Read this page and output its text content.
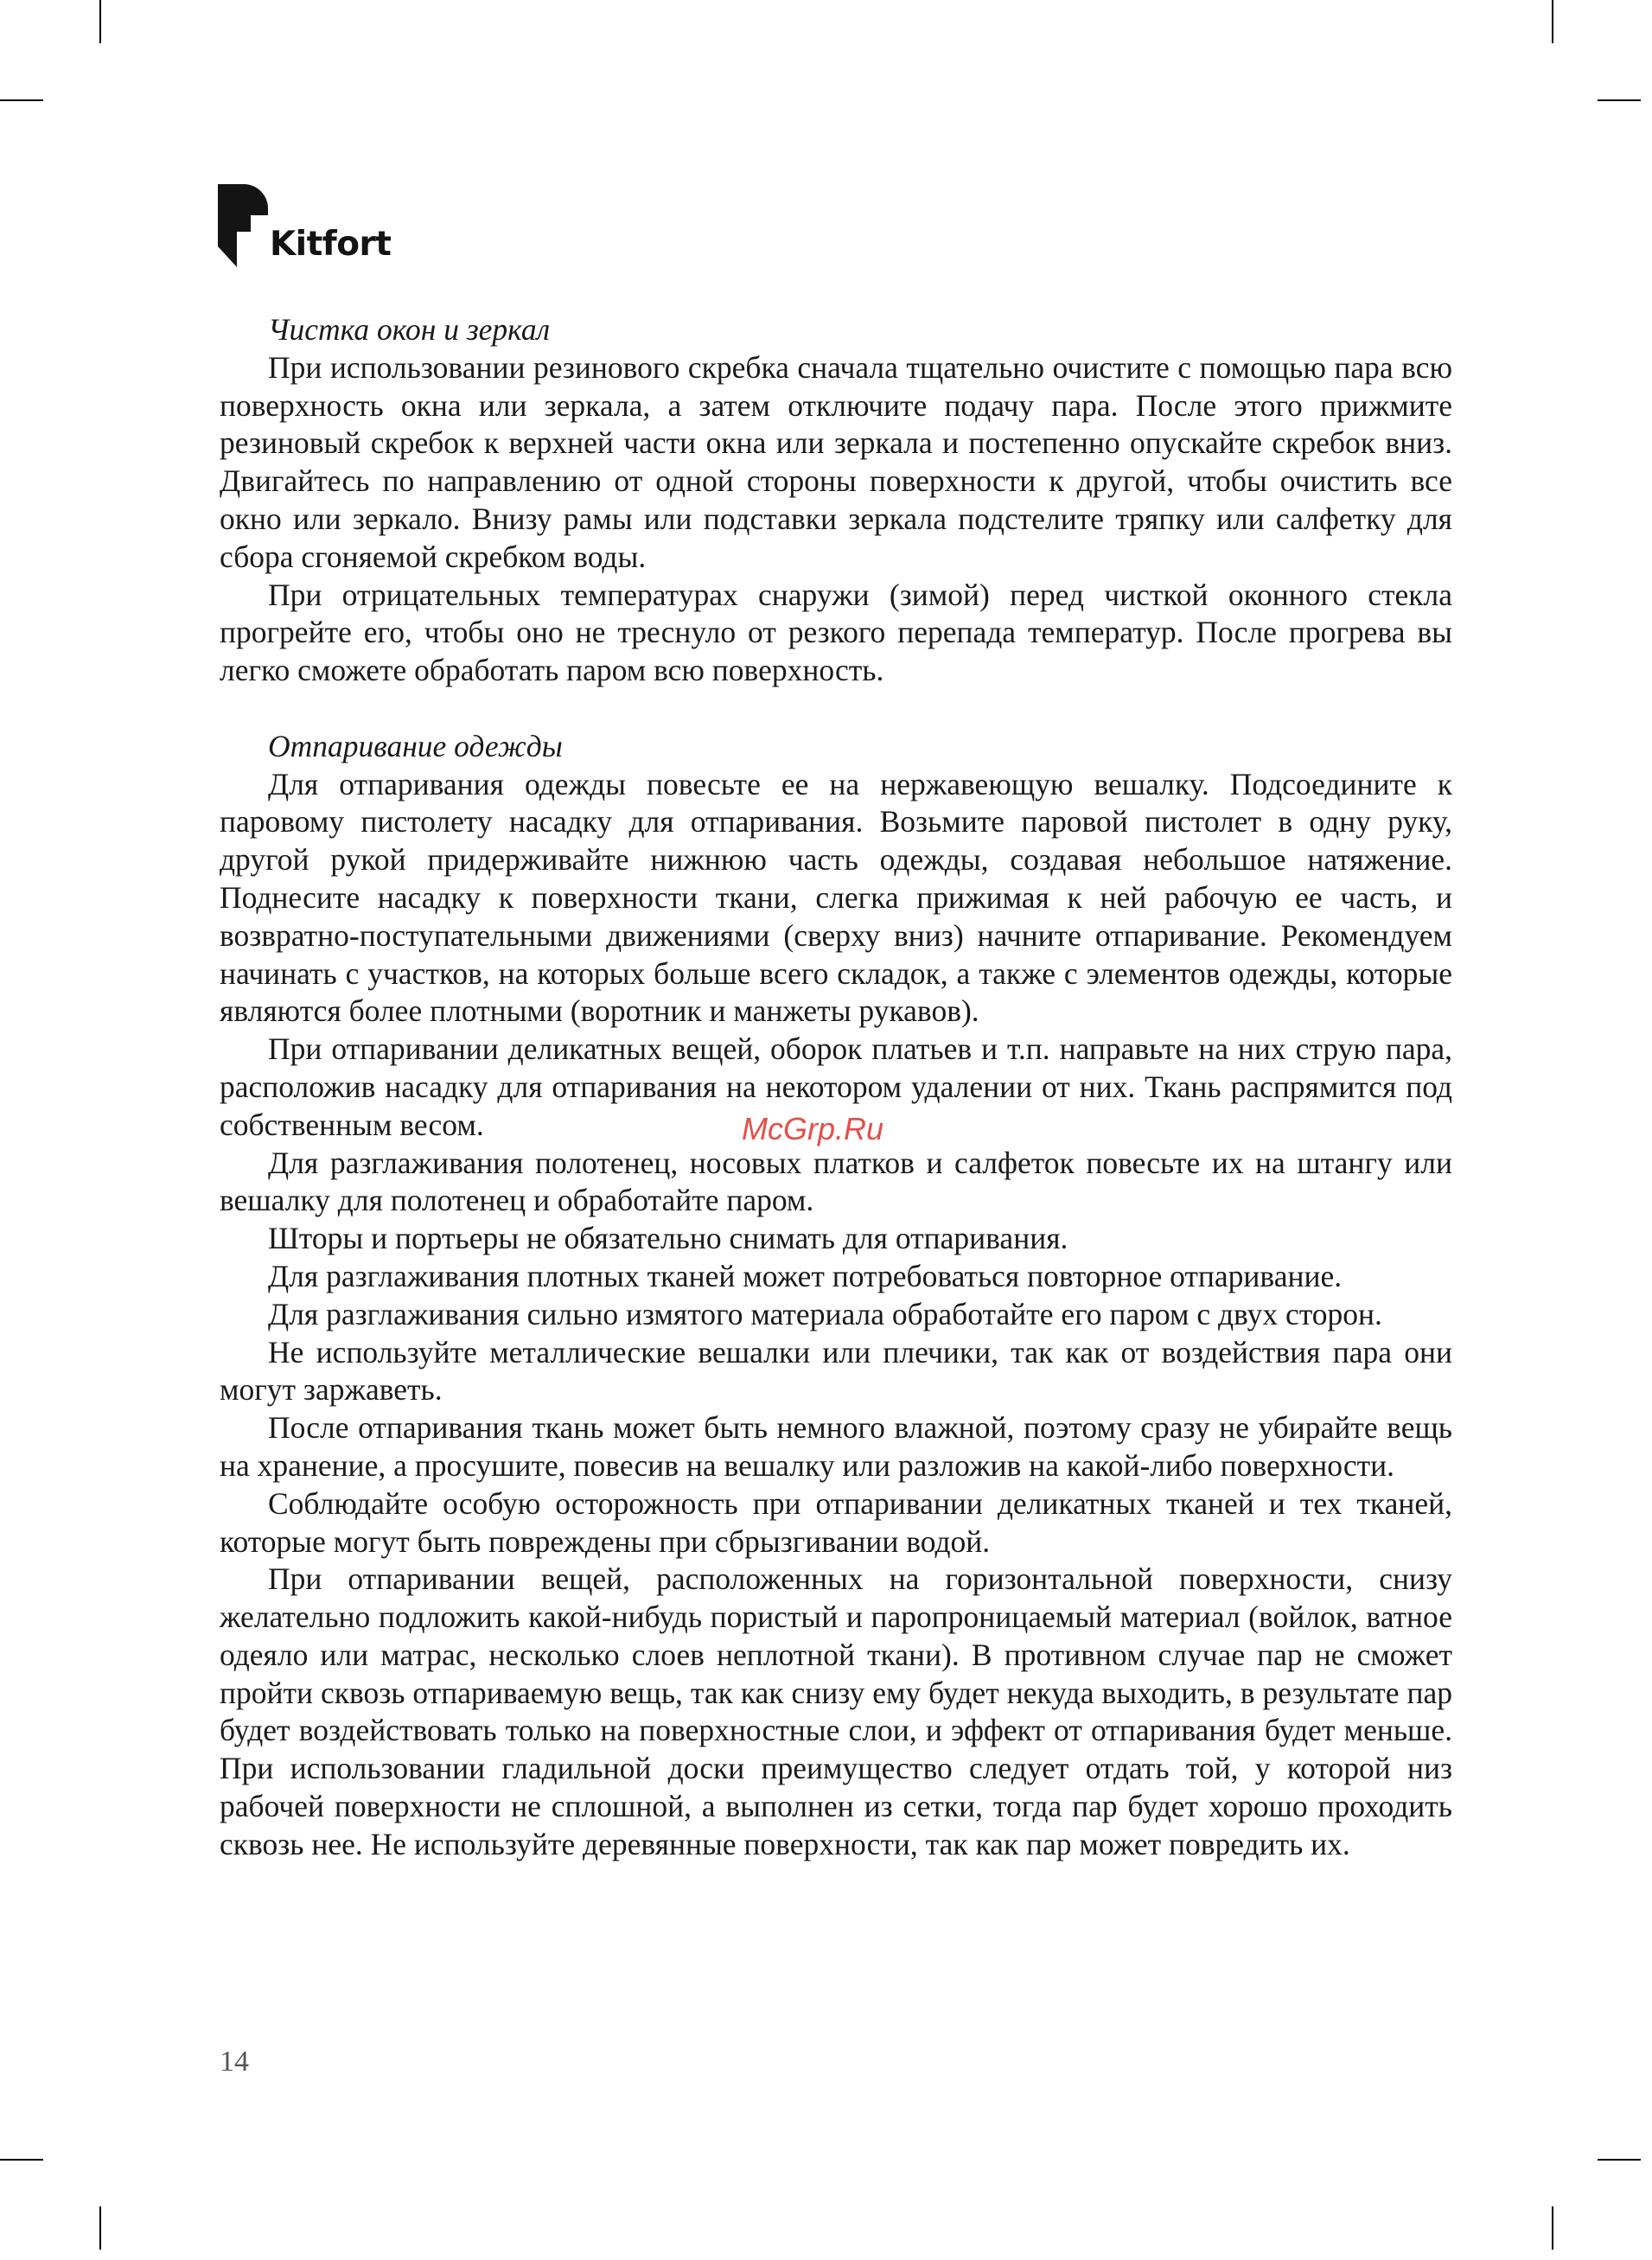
Kitfort
Чистка окон и зеркал

При использовании резинового скребка сначала тщательно очистите с помощью пара всю поверхность окна или зеркала, а затем отключите подачу пара. После этого прижмите резиновый скребок к верхней части окна или зеркала и постепенно опускайте скребок вниз. Двигайтесь по направлению от одной стороны поверхности к другой, чтобы очистить все окно или зеркало. Внизу рамы или подставки зеркала подстелите тряпку или салфетку для сбора сгоняемой скребком воды.

При отрицательных температурах снаружи (зимой) перед чисткой оконного стекла прогрейте его, чтобы оно не треснуло от резкого перепада температур. После прогрева вы легко сможете обработать паром всю поверхность.

Отпаривание одежды

Для отпаривания одежды повесьте ее на нержавеющую вешалку. Подсоедините к паровому пистолету насадку для отпаривания. Возьмите паровой пистолет в одну руку, другой рукой придерживайте нижнюю часть одежды, создавая небольшое натяжение. Поднесите насадку к поверхности ткани, слегка прижимая к ней рабочую ее часть, и возвратно-поступательными движениями (сверху вниз) начните отпаривание. Рекомендуем начинать с участков, на которых больше всего складок, а также с элементов одежды, которые являются более плотными (воротник и манжеты рукавов).

При отпаривании деликатных вещей, оборок платьев и т.п. направьте на них струю пара, расположив насадку для отпаривания на некотором удалении от них. Ткань распрямится под собственным весом.

Для разглаживания полотенец, носовых платков и салфеток повесьте их на штангу или вешалку для полотенец и обработайте паром.

Шторы и портьеры не обязательно снимать для отпаривания.

Для разглаживания плотных тканей может потребоваться повторное отпаривание.

Для разглаживания сильно измятого материала обработайте его паром с двух сторон.

Не используйте металлические вешалки или плечики, так как от воздействия пара они могут заржаветь.

После отпаривания ткань может быть немного влажной, поэтому сразу не убирайте вещь на хранение, а просушите, повесив на вешалку или разложив на какой-либо поверхности.

Соблюдайте особую осторожность при отпаривании деликатных тканей и тех тканей, которые могут быть повреждены при сбрызгивании водой.

При отпаривании вещей, расположенных на горизонтальной поверхности, снизу желательно подложить какой-нибудь пористый и паропроницаемый материал (войлок, ватное одеяло или матрас, несколько слоев неплотной ткани). В противном случае пар не сможет пройти сквозь отпариваемую вещь, так как снизу ему будет некуда выходить, в результате пар будет воздействовать только на поверхностные слои, и эффект от отпаривания будет меньше. При использовании гладильной доски преимущество следует отдать той, у которой низ рабочей поверхности не сплошной, а выполнен из сетки, тогда пар будет хорошо проходить сквозь нее. Не используйте деревянные поверхности, так как пар может повредить их.

McGrp.Ru
14
